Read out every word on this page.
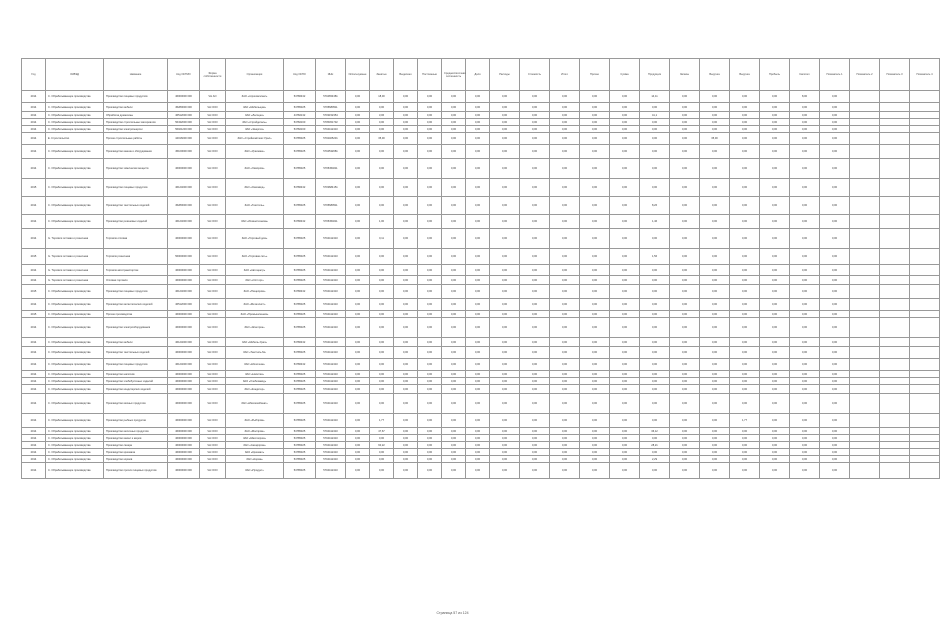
Год	ОКВЭД	Название	Код ОКТМО	Форма собственности	Организация	Код ОКПО	ИНН	Используемые	Занятые	Выделено	Постоянные	Среднесписочная численность	Доля	Расходы	Стоимость	Итого	Прочее	Сумма	Продукция	Запасы	Выручка	Выручка	Прибыль	Капитал	Показатель 1	Показатель 2	Показатель 3	Показатель 4
2014	С. Обрабатывающие производства	Производство пищевых продуктов	46000000 000	ЧН АО	ЗАО «Агрокомплекс»	54786432	5704654381	0,00	18,00	0,00	0,00	0,00	0,00	0,00	0,00	0,00	0,00	0,00	14,11	0,00	0,00	0,00	0,00	8,00	0,00			
2014	С. Обрабатывающие производства	Производство мебели	45280000 000	ЧН ООО	ЗАО «Мебельщик»	54785325	5705680511	0,00	0,00	0,00	0,00	0,00	0,00	0,00	0,00	0,00	0,00	0,00	0,00	0,00	0,00	0,00	0,00	0,00	0,00			
2014	С. Обрабатывающие производства	Обработка древесины	46512000 000	ЧН ООО	ЗАО «Лесоцех»	44782132	5703152354	0,00	3,06	0,00	0,00	0,00	0,00	0,00	0,00	0,00	0,00	0,00	41,1	0,00	0,00	0,00	0,00	0,00	0,00			
2014	С. Обрабатывающие производства	Производство строительных материалов	56432000 000	ЧН ООО	ЗАО «Стройдеталь»	54782160	5705451732	0,00	0,00	0,00	0,00	0,00	0,00	0,00	0,00	0,00	0,00	0,00	0,00	0,00	0,00	0,00	0,00	0,00	0,00			
2014	С. Обрабатывающие производства	Производство электроэнергии	56021203 000	ЧН ООО	ЗАО «Энергия»	54782160	5704412410	0,00	0,00	0,00	0,00	0,00	0,00	0,00	0,00	0,00	0,00	0,00	0,00	0,00	0,00	0,00	0,00	0,00	0,00			
2014	Е. Строительство	Прочие строительные работы	44016000 000	ЧН ООО	ЗАО «Стройкомплекс Урал»	54785325	5702405231	0,00	35,00	0,00	0,00	0,00	0,00	0,00	0,00	0,00	0,00	0,00	0,00	0,00	35,00	0,00	0,00	0,00	0,00			
2014	С. Обрабатывающие производства	Производство машин и оборудования	45100000 000	ЧН ООО	ЗАО «Уралмаш»	54785325	5704532681	0,00	0,00	0,00	0,00	0,00	0,00	0,00	0,00	0,00	0,00	0,00	0,00	0,00	0,00	0,00	0,00	0,00	0,00			
2014	С. Обрабатывающие производства	Производство химических веществ	46000000 000	ЧН ООО	ЗАО «Химпром»	54785325	5705454011	0,00	0,00	0,00	0,00	0,00	0,00	0,00	0,00	0,00	0,00	0,00	0,00	0,00	0,00	0,00	0,00	0,00	0,00			
2015	С. Обрабатывающие производства	Производство пищевых продуктов	46124000 000	ЧН ООО	ЗАО «Окатавод»	54786432	5703684151	0,00	0,00	0,00	0,00	0,00	0,00	0,00	0,00	0,00	0,00	0,00	0,00	0,00	0,00	0,00	0,00	0,00	0,00			
2014	С. Обрабатывающие производства	Производство текстильных изделий	45280000 000	ЧН ООО	ЗАО «Текстиль»	54785325	5705680511	0,00	0,00	0,00	0,00	0,00	0,00	0,00	0,00	0,00	0,00	0,00	8,26	0,00	0,00	0,00	0,00	0,00	0,00			
2014	С. Обрабатывающие производства	Производство резиновых изделий	46124000 000	ЧН ООО	ЗАО «Резинотехника»	54786432	5705454011	0,00	1,00	0,00	0,00	0,00	0,00	0,00	0,00	0,00	0,00	0,00	1,46	0,00	0,00	0,00	0,00	0,00	0,00			
2014	G. Торговля оптовая и розничная	Торговля оптовая	46000000 000	ЧН ООО	ЗАО «Торговый дом»	54785325	5704412410	0,00	0,11	0,00	0,00	0,00	0,00	0,00	0,00	0,00	0,00	0,00	0,00	0,00	0,00	0,00	0,00	0,00	0,00			
2015	G. Торговля оптовая и розничная	Торговля розничная	56000000 000	ЧН ООО	ЗАО «Торговая сеть»	54785325	5704412410	0,00	0,00	0,00	0,00	0,00	0,00	0,00	0,00	0,00	0,00	0,00	1,56	0,00	0,00	0,00	0,00	0,00	0,00			
2014	G. Торговля оптовая и розничная	Торговля автотранспортом	46000000 000	ЧН ООО	ЗАО «Автоцентр»	54785325	5704412410	0,00	0,00	0,00	0,00	0,00	0,00	0,00	0,00	0,00	0,00	0,00	0,00	0,00	0,00	0,00	0,00	0,00	0,00			
2014	G. Торговля оптовая и розничная	Оптовая торговля	46000000 000	ЧН ООО	ЗАО «Оптторг»	54785325	5704412410	0,00	0,00	0,00	0,00	0,00	0,00	0,00	0,00	0,00	0,00	0,00	0,00	0,00	0,00	0,00	0,00	0,00	0,00			
2015	С. Обрабатывающие производства	Производство пищевых продуктов	46124000 000	ЧН ООО	ЗАО «Пищепром»	54786432	5704412410	0,00	0,00	0,00	0,00	0,00	0,00	0,00	0,00	0,00	0,00	0,00	0,00	0,00	0,00	0,00	0,00	0,00	0,00			
2014	С. Обрабатывающие производства	Производство металлических изделий	46512000 000	ЧН ООО	ЗАО «Металлист»	54785325	5704412410	0,00	0,00	0,00	0,00	0,00	0,00	0,00	0,00	0,00	0,00	0,00	0,00	0,00	0,00	0,00	0,00	0,00	0,00			
2015	С. Обрабатывающие производства	Прочие производства	46000000 000	ЧН ООО	ЗАО «Промышленник»	54785325	5704412410	0,00	0,00	0,00	0,00	0,00	0,00	0,00	0,00	0,00	0,00	0,00	0,00	0,00	0,00	0,00	0,00	0,00	0,00			
2014	С. Обрабатывающие производства	Производство электрооборудования	46000000 000	ЧН ООО	ЗАО «Электрон»	54785325	5704412410	0,00	0,00	0,00	0,00	0,00	0,00	0,00	0,00	0,00	0,00	0,00	0,00	0,00	0,00	0,00	0,00	0,00	0,00			
2014	С. Обрабатывающие производства	Производство мебели	46124000 000	ЧН ООО	ЗАО «Мебель-Урал»	54786432	5704412410	0,00	0,00	0,00	0,00	0,00	0,00	0,00	0,00	0,00	0,00	0,00	0,00	0,00	0,00	0,00	0,00	0,00	0,00			
2014	С. Обрабатывающие производства	Производство текстильных изделий	46000000 000	ЧН ООО	ЗАО «Текстиль-М»	54785325	5704412410	0,00	0,00	0,00	0,00	0,00	0,00	0,00	0,00	0,00	0,00	0,00	0,00	0,00	0,00	0,00	0,00	0,00	0,00			
2014	С. Обрабатывающие производства	Производство пищевых продуктов	46124000 000	ЧН ООО	ЗАО «Молочник»	54786432	5704412410	0,00	0,00	0,00	0,00	0,00	0,00	0,00	0,00	0,00	0,00	0,00	0,00	0,00	0,00	0,00	0,00	0,00	0,00			
2014	С. Обрабатывающие производства	Производство напитков	46000000 000	ЧН ООО	ЗАО «Напитки»	54785325	5704412410	0,00	0,00	0,00	0,00	0,00	0,00	0,00	0,00	0,00	0,00	0,00	0,00	0,00	0,00	0,00	0,00	0,00	0,00			
2014	С. Обрабатывающие производства	Производство хлебобулочных изделий	46000000 000	ЧН ООО	ЗАО «Хлебозавод»	54785325	5704412410	0,00	0,00	0,00	0,00	0,00	0,00	0,00	0,00	0,00	0,00	0,00	0,00	0,00	0,00	0,00	0,00	0,00	0,00			
2014	С. Обрабатывающие производства	Производство кондитерских изделий	46000000 000	ЧН ООО	ЗАО «Кондитер»	54785325	5704412410	0,00	0,00	0,00	0,00	0,00	0,00	0,00	0,00	0,00	0,00	0,00	0,00	0,00	0,00	0,00	0,00	0,00	0,00			
2014	С. Обрабатывающие производства	Производство мясных продуктов	46000000 000	ЧН ООО	ЗАО «Мясокомбинат»	54785325	5704412410	0,00	0,00	0,00	0,00	0,00	0,00	0,00	0,00	0,00	0,00	0,00	0,00	0,00	0,00	0,00	0,00	0,00	0,00			
2014	С. Обрабатывающие производства	Производство рыбных продуктов	46000000 000	ЧН ООО	ЗАО «Рыбпром»	54785325	5704412410	0,00	1,77	0,00	0,00	0,00	0,00	0,00	0,00	0,00	0,00	0,00	0,00	0,00	0,00	1,77	0,00	0,00	0,00			
2014	С. Обрабатывающие производства	Производство молочных продуктов	46000000 000	ЧН ООО	ЗАО «Молпром»	54785325	5704412410	0,00	47,67	0,00	0,00	0,00	0,00	0,00	0,00	0,00	0,00	0,00	36,12	0,00	0,00	0,00	0,00	0,00	0,00			
2014	С. Обрабатывающие производства	Производство масел и жиров	46000000 000	ЧН ООО	ЗАО «Маслопром»	54785325	5704412410	0,00	0,00	0,00	0,00	0,00	0,00	0,00	0,00	0,00	0,00	0,00	0,00	0,00	0,00	0,00	0,00	0,00	0,00			
2014	С. Обрабатывающие производства	Производство сахара	46000000 000	ЧН ООО	ЗАО «Сахарпром»	54785325	5704412410	0,00	60,22	0,00	0,00	0,00	0,00	0,00	0,00	0,00	0,00	0,00	28,21	0,00	0,00	0,00	0,00	0,00	0,00			
2014	С. Обрабатывающие производства	Производство крахмала	46000000 000	ЧН ООО	ЗАО «Крахмал»	54785325	5704412410	0,00	0,00	0,00	0,00	0,00	0,00	0,00	0,00	0,00	0,00	0,00	0,00	0,00	0,00	0,00	0,00	0,00	0,00			
2014	С. Обрабатывающие производства	Производство кормов	46000000 000	ЧН ООО	ЗАО «Корма»	54785325	5704412410	0,00	0,00	0,00	0,00	0,00	0,00	0,00	0,00	0,00	0,00	0,00	2,29	0,00	0,00	0,00	0,00	0,00	0,00			
2014	С. Обрабатывающие производства	Производство прочих пищевых продуктов	46000000 000	ЧН ООО	ЗАО «Продукт»	54785325	5704412410	0,00	0,00	0,00	0,00	0,00	0,00	0,00	0,00	0,00	0,00	0,00	0,00	0,00	0,00	0,00	0,00	0,00	0,00			
Страница 57 из 124
